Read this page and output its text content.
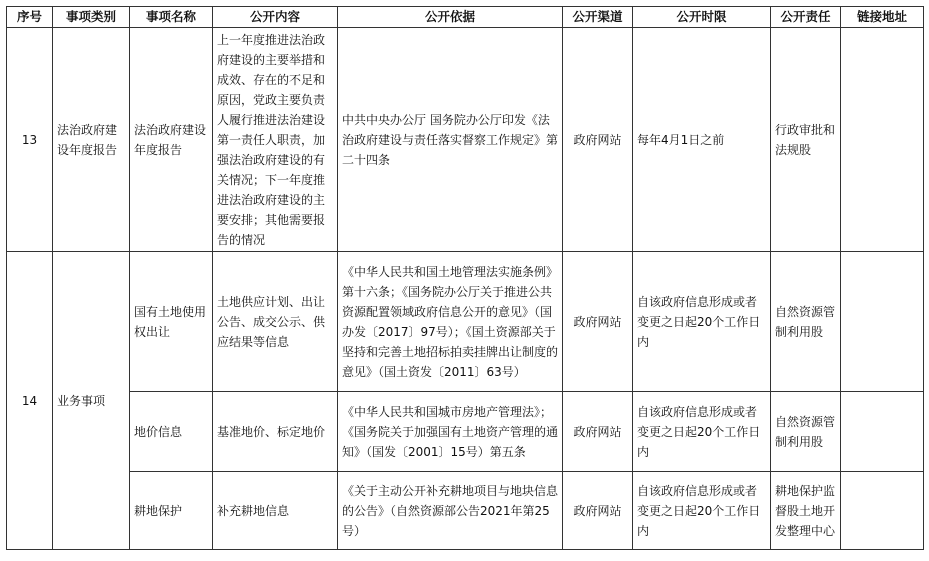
序号	事项类别	事项名称	公开内容	公开依据	公开渠道	公开时限	公开责任	链接地址
13	法治政府建设年度报告	法治政府建设年度报告	上一年度推进法治政府建设的主要举措和成效、存在的不足和原因，党政主要负责人履行推进法治建设第一责任人职责，加强法治政府建设的有关情况；下一年度推进法治政府建设的主要安排；其他需要报告的情况	中共中央办公厅 国务院办公厅印发《法治政府建设与责任落实督察工作规定》第二十四条	政府网站	每年4月1日之前	行政审批和法规股	
14	业务事项	国有土地使用权出让	土地供应计划、出让公告、成交公示、供应结果等信息	《中华人民共和国土地管理法实施条例》第十六条；《国务院办公厅关于推进公共资源配置领域政府信息公开的意见》（国办发〔2017〕97号）；《国土资源部关于坚持和完善土地招标拍卖挂牌出让制度的意见》（国土资发〔2011〕63号）	政府网站	自该政府信息形成或者变更之日起20个工作日内	自然资源管制利用股	
		地价信息	基准地价、标定地价	《中华人民共和国城市房地产管理法》；《国务院关于加强国有土地资产管理的通知》（国发〔2001〕15号）第五条	政府网站	自该政府信息形成或者变更之日起20个工作日内	自然资源管制利用股	
		耕地保护	补充耕地信息	《关于主动公开补充耕地项目与地块信息的公告》（自然资源部公告2021年第25号）	政府网站	自该政府信息形成或者变更之日起20个工作日内	耕地保护监督股土地开发整理中心	
